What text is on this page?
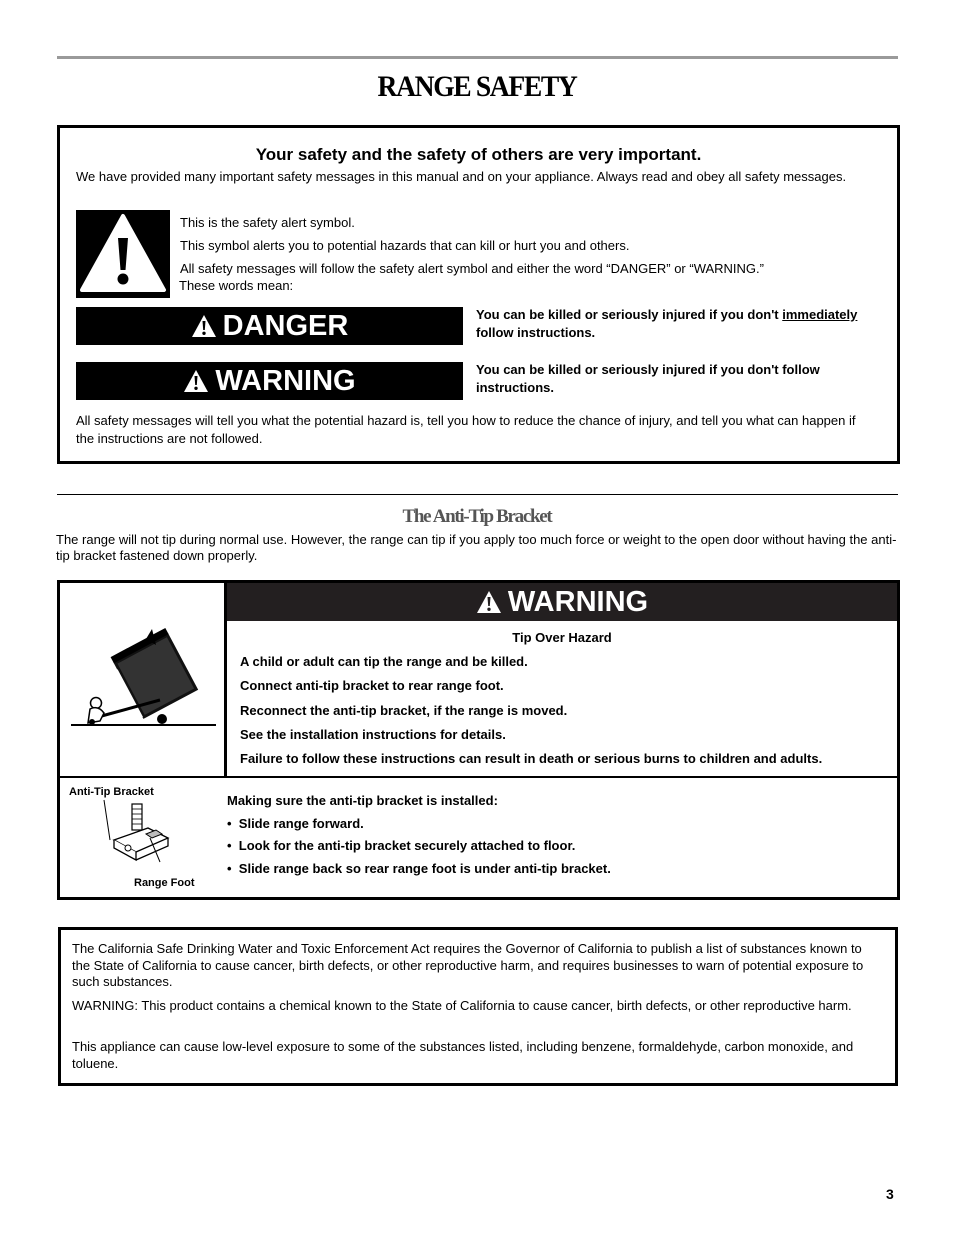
RANGE SAFETY
Your safety and the safety of others are very important.
We have provided many important safety messages in this manual and on your appliance. Always read and obey all safety messages.
This is the safety alert symbol.
This symbol alerts you to potential hazards that can kill or hurt you and others.
All safety messages will follow the safety alert symbol and either the word “DANGER” or “WARNING.”
These words mean:
DANGER	You can be killed or seriously injured if you don't immediately follow instructions.
WARNING	You can be killed or seriously injured if you don't follow instructions.
All safety messages will tell you what the potential hazard is, tell you how to reduce the chance of injury, and tell you what can happen if the instructions are not followed.
The Anti-Tip Bracket
The range will not tip during normal use. However, the range can tip if you apply too much force or weight to the open door without having the anti-tip bracket fastened down properly.
WARNING
Tip Over Hazard
A child or adult can tip the range and be killed.
Connect anti-tip bracket to rear range foot.
Reconnect the anti-tip bracket, if the range is moved.
See the installation instructions for details.
Failure to follow these instructions can result in death or serious burns to children and adults.
Anti-Tip Bracket
Range Foot
Making sure the anti-tip bracket is installed:
•  Slide range forward.
•  Look for the anti-tip bracket securely attached to floor.
•  Slide range back so rear range foot is under anti-tip bracket.

The California Safe Drinking Water and Toxic Enforcement Act requires the Governor of California to publish a list of substances known to the State of California to cause cancer, birth defects, or other reproductive harm, and requires businesses to warn of potential exposure to such substances.

WARNING: This product contains a chemical known to the State of California to cause cancer, birth defects, or other reproductive harm.

This appliance can cause low-level exposure to some of the substances listed, including benzene, formaldehyde, carbon monoxide, and toluene.

3
